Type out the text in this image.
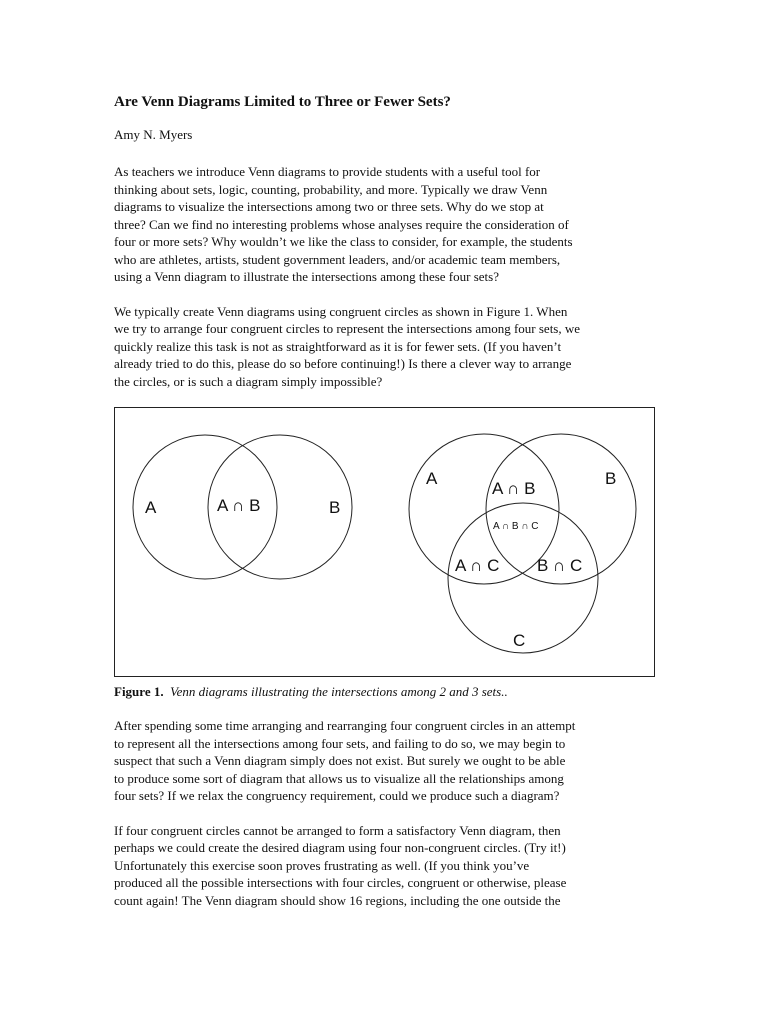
Are Venn Diagrams Limited to Three or Fewer Sets?
Amy N. Myers
As teachers we introduce Venn diagrams to provide students with a useful tool for
thinking about sets, logic, counting, probability, and more. Typically we draw Venn
diagrams to visualize the intersections among two or three sets. Why do we stop at
three? Can we find no interesting problems whose analyses require the consideration of
four or more sets? Why wouldn’t we like the class to consider, for example, the students
who are athletes, artists, student government leaders, and/or academic team members,
using a Venn diagram to illustrate the intersections among these four sets?
We typically create Venn diagrams using congruent circles as shown in Figure 1. When
we try to arrange four congruent circles to represent the intersections among four sets, we
quickly realize this task is not as straightforward as it is for fewer sets. (If you haven’t
already tried to do this, please do so before continuing!) Is there a clever way to arrange
the circles, or is such a diagram simply impossible?
A	A ∩ B	B
A	B
C
A ∩ B
A ∩ C B ∩ C
A ∩ B ∩ C
Figure 1. Venn diagrams illustrating the intersections among 2 and 3 sets..
After spending some time arranging and rearranging four congruent circles in an attempt
to represent all the intersections among four sets, and failing to do so, we may begin to
suspect that such a Venn diagram simply does not exist. But surely we ought to be able
to produce some sort of diagram that allows us to visualize all the relationships among
four sets? If we relax the congruency requirement, could we produce such a diagram?
If four congruent circles cannot be arranged to form a satisfactory Venn diagram, then
perhaps we could create the desired diagram using four non-congruent circles. (Try it!)
Unfortunately this exercise soon proves frustrating as well. (If you think you’ve
produced all the possible intersections with four circles, congruent or otherwise, please
count again! The Venn diagram should show 16 regions, including the one outside the
